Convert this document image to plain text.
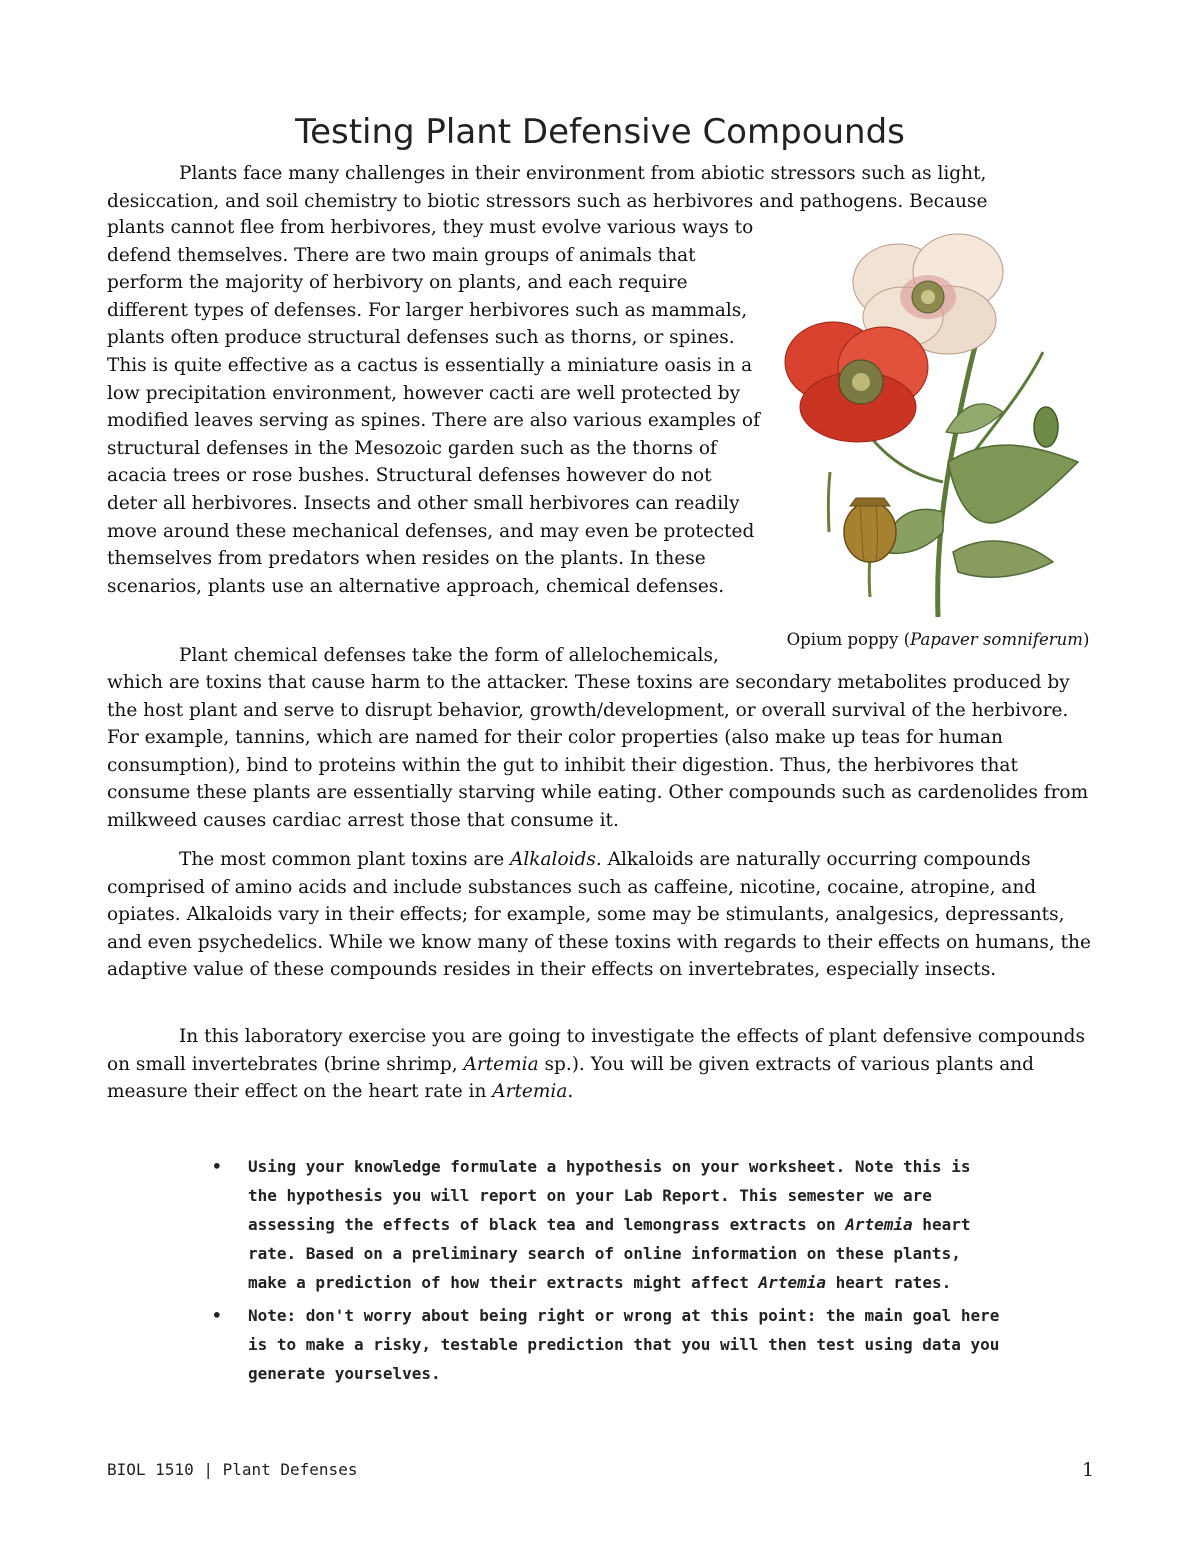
Testing Plant Defensive Compounds
Plants face many challenges in their environment from abiotic stressors such as light, desiccation, and soil chemistry to biotic stressors such as herbivores and pathogens. Because
plants cannot flee from herbivores, they must evolve various ways to defend themselves. There are two main groups of animals that perform the majority of herbivory on plants, and each require different types of defenses. For larger herbivores such as mammals, plants often produce structural defenses such as thorns, or spines. This is quite effective as a cactus is essentially a miniature oasis in a low precipitation environment, however cacti are well protected by modified leaves serving as spines. There are also various examples of structural defenses in the Mesozoic garden such as the thorns of acacia trees or rose bushes. Structural defenses however do not deter all herbivores. Insects and other small herbivores can readily move around these mechanical defenses, and may even be protected themselves from predators when resides on the plants. In these scenarios, plants use an alternative approach, chemical defenses.
Opium poppy (Papaver somniferum)
Plant chemical defenses take the form of allelochemicals,
which are toxins that cause harm to the attacker. These toxins are secondary metabolites produced by the host plant and serve to disrupt behavior, growth/development, or overall survival of the herbivore. For example, tannins, which are named for their color properties (also make up teas for human consumption), bind to proteins within the gut to inhibit their digestion. Thus, the herbivores that consume these plants are essentially starving while eating. Other compounds such as cardenolides from milkweed causes cardiac arrest those that consume it.
The most common plant toxins are Alkaloids. Alkaloids are naturally occurring compounds comprised of amino acids and include substances such as caffeine, nicotine, cocaine, atropine, and opiates. Alkaloids vary in their effects; for example, some may be stimulants, analgesics, depressants, and even psychedelics. While we know many of these toxins with regards to their effects on humans, the adaptive value of these compounds resides in their effects on invertebrates, especially insects.
In this laboratory exercise you are going to investigate the effects of plant defensive compounds on small invertebrates (brine shrimp, Artemia sp.). You will be given extracts of various plants and measure their effect on the heart rate in Artemia.
• Using your knowledge formulate a hypothesis on your worksheet. Note this is the hypothesis you will report on your Lab Report. This semester we are assessing the effects of black tea and lemongrass extracts on Artemia heart rate. Based on a preliminary search of online information on these plants, make a prediction of how their extracts might affect Artemia heart rates.
• Note: don't worry about being right or wrong at this point: the main goal here is to make a risky, testable prediction that you will then test using data you generate yourselves.
BIOL 1510 | Plant Defenses	1
